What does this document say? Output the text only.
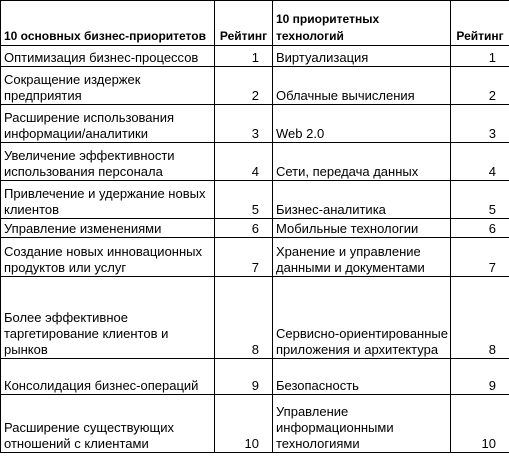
10 основных бизнес-приоритетов	Рейтинг	10 приоритетных технологий	Рейтинг
Оптимизация бизнес-процессов	1	Виртуализация	1
Сокращение издержек предприятия	2	Облачные вычисления	2
Расширение использования информации/аналитики	3	Web 2.0	3
Увеличение эффективности использования персонала	4	Сети, передача данных	4
Привлечение и удержание новых клиентов	5	Бизнес-аналитика	5
Управление изменениями	6	Мобильные технологии	6
Создание новых инновационных продуктов или услуг	7	Хранение и управление данными и документами	7
Более эффективное таргетирование клиентов и рынков	8	Сервисно-ориентированные приложения и архитектура	8
Консолидация бизнес-операций	9	Безопасность	9
Расширение существующих отношений с клиентами	10	Управление информационными технологиями	10
